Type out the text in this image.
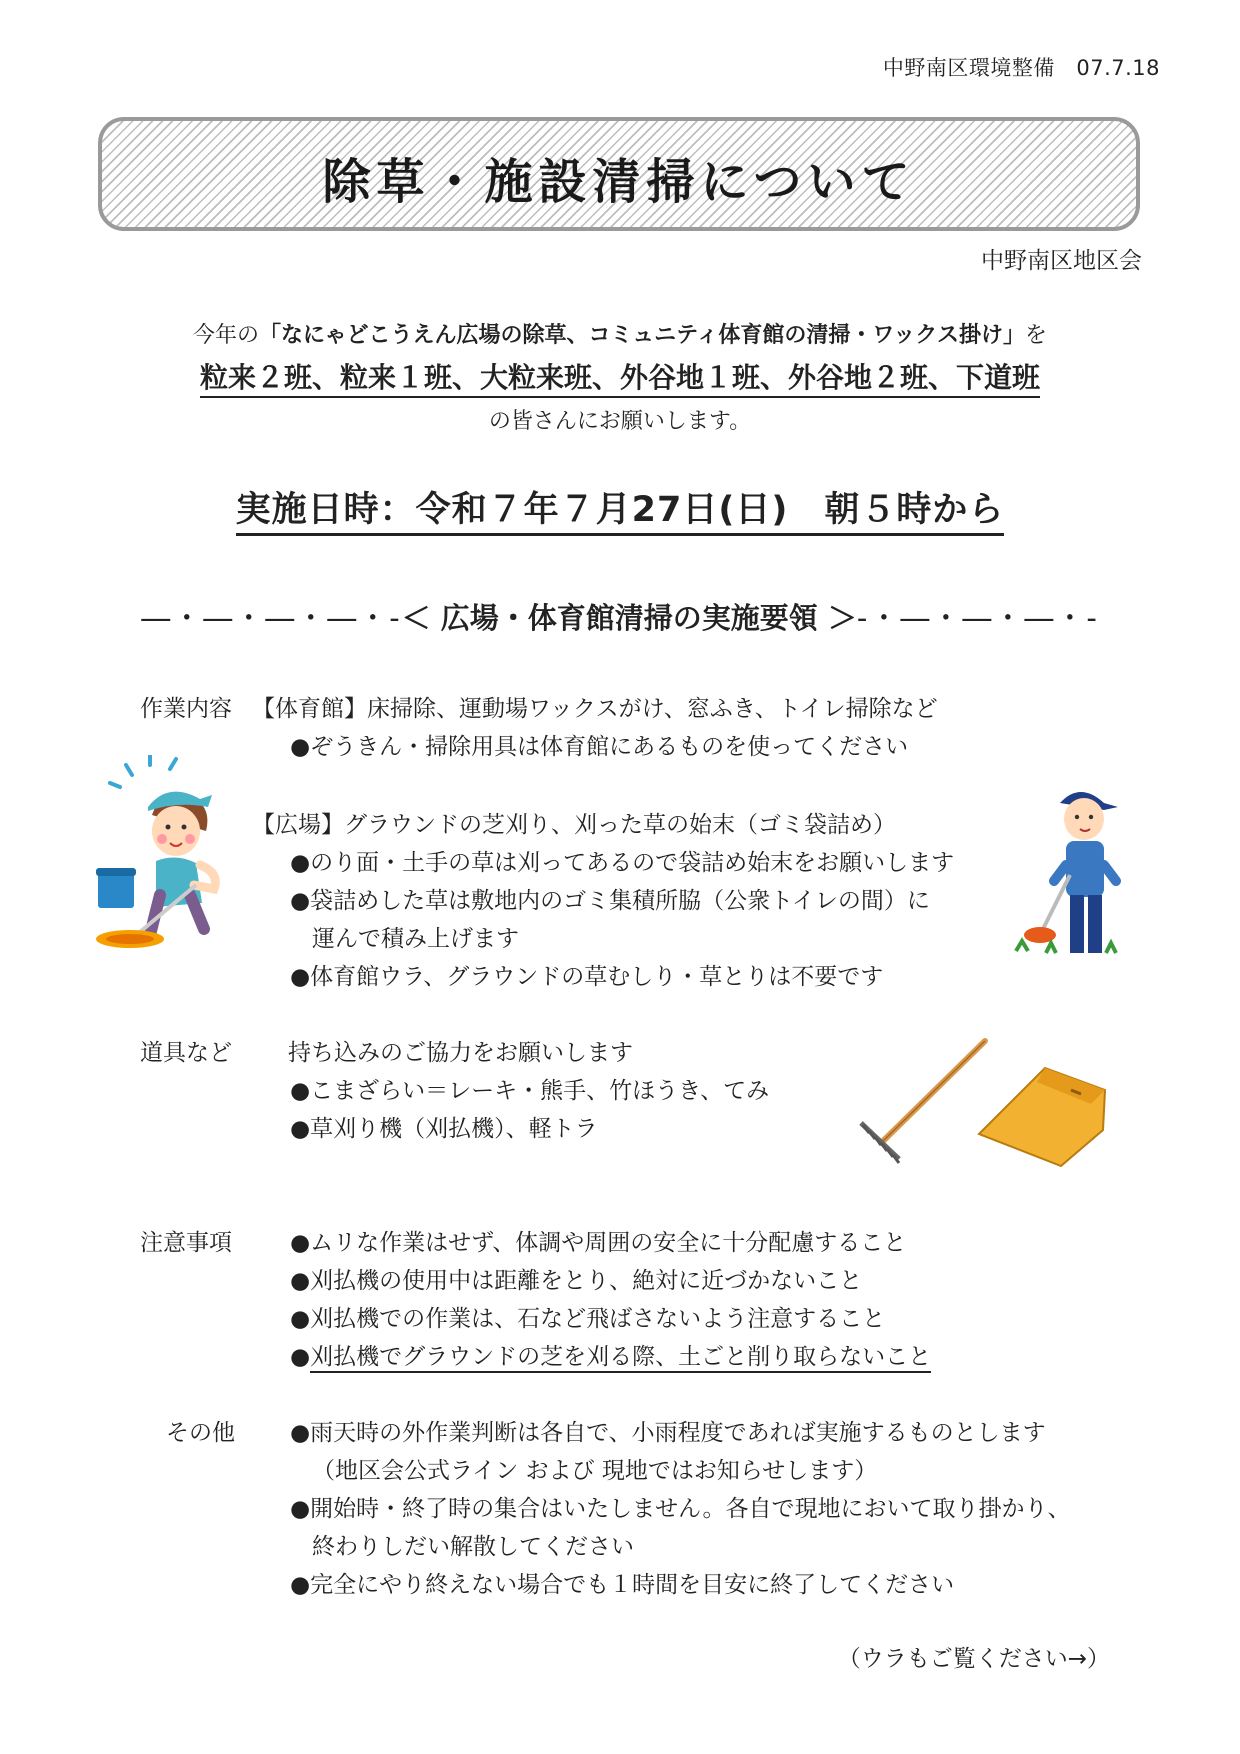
中野南区環境整備　07.7.18
除草・施設清掃について
中野南区地区会
今年の「なにゃどこうえん広場の除草、コミュニティ体育館の清掃・ワックス掛け」を
粒来２班、粒来１班、大粒来班、外谷地１班、外谷地２班、下道班
の皆さんにお願いします。
実施日時：令和７年７月27日(日)　朝５時から
―・―・―・―・-＜ 広場・体育館清掃の実施要領 ＞-・―・―・―・-
作業内容 【体育館】床掃除、運動場ワックスがけ、窓ふき、トイレ掃除など
●ぞうきん・掃除用具は体育館にあるものを使ってください
【広場】グラウンドの芝刈り、刈った草の始末（ゴミ袋詰め）
●のり面・土手の草は刈ってあるので袋詰め始末をお願いします
●袋詰めした草は敷地内のゴミ集積所脇（公衆トイレの間）に
運んで積み上げます
●体育館ウラ、グラウンドの草むしり・草とりは不要です
道具など 持ち込みのご協力をお願いします
●こまざらい＝レーキ・熊手、竹ほうき、てみ
●草刈り機（刈払機）、軽トラ
注意事項	●ムリな作業はせず、体調や周囲の安全に十分配慮すること
●刈払機の使用中は距離をとり、絶対に近づかないこと
●刈払機での作業は、石など飛ばさないよう注意すること
●刈払機でグラウンドの芝を刈る際、土ごと削り取らないこと
その他 ●雨天時の外作業判断は各自で、小雨程度であれば実施するものとします
（地区会公式ライン および 現地ではお知らせします）
●開始時・終了時の集合はいたしません。各自で現地において取り掛かり、
終わりしだい解散してください
●完全にやり終えない場合でも１時間を目安に終了してください
（ウラもご覧ください→）
